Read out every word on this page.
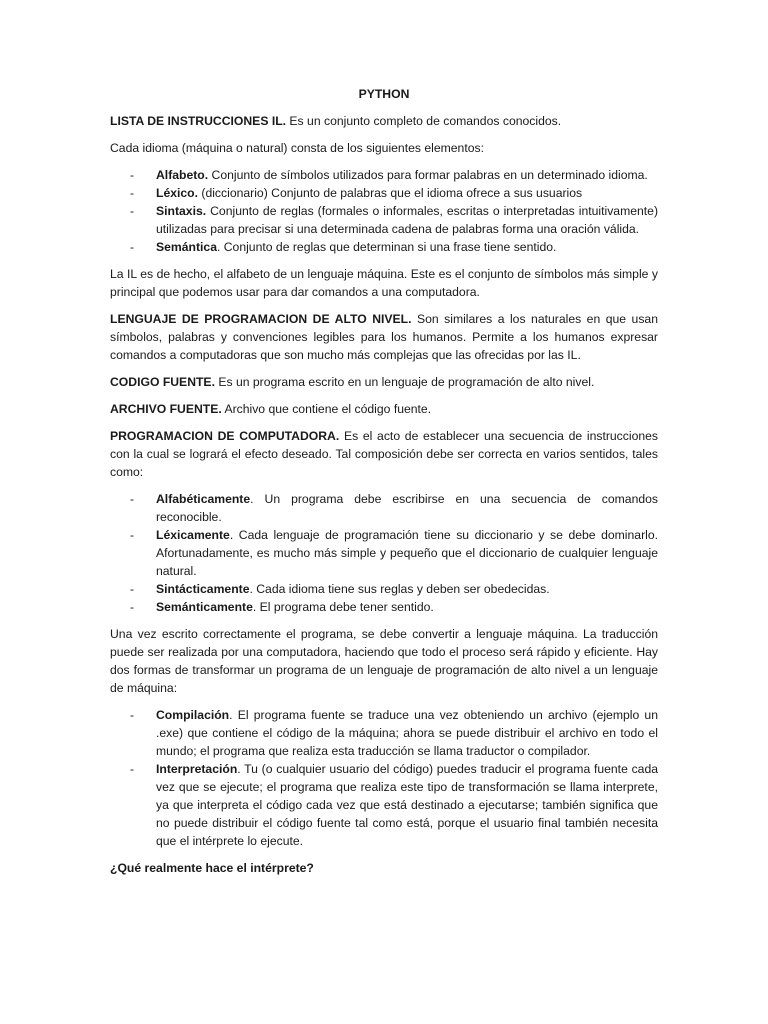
PYTHON

LISTA DE INSTRUCCIONES IL. Es un conjunto completo de comandos conocidos.

Cada idioma (máquina o natural) consta de los siguientes elementos:

- Alfabeto. Conjunto de símbolos utilizados para formar palabras en un determinado idioma.
- Léxico. (diccionario) Conjunto de palabras que el idioma ofrece a sus usuarios
- Sintaxis. Conjunto de reglas (formales o informales, escritas o interpretadas intuitivamente) utilizadas para precisar si una determinada cadena de palabras forma una oración válida.
- Semántica. Conjunto de reglas que determinan si una frase tiene sentido.

La IL es de hecho, el alfabeto de un lenguaje máquina. Este es el conjunto de símbolos más simple y principal que podemos usar para dar comandos a una computadora.

LENGUAJE DE PROGRAMACION DE ALTO NIVEL. Son similares a los naturales en que usan símbolos, palabras y convenciones legibles para los humanos. Permite a los humanos expresar comandos a computadoras que son mucho más complejas que las ofrecidas por las IL.

CODIGO FUENTE. Es un programa escrito en un lenguaje de programación de alto nivel.

ARCHIVO FUENTE. Archivo que contiene el código fuente.

PROGRAMACION DE COMPUTADORA. Es el acto de establecer una secuencia de instrucciones con la cual se logrará el efecto deseado. Tal composición debe ser correcta en varios sentidos, tales como:

- Alfabéticamente. Un programa debe escribirse en una secuencia de comandos reconocible.
- Léxicamente. Cada lenguaje de programación tiene su diccionario y se debe dominarlo. Afortunadamente, es mucho más simple y pequeño que el diccionario de cualquier lenguaje natural.
- Sintácticamente. Cada idioma tiene sus reglas y deben ser obedecidas.
- Semánticamente. El programa debe tener sentido.

Una vez escrito correctamente el programa, se debe convertir a lenguaje máquina. La traducción puede ser realizada por una computadora, haciendo que todo el proceso será rápido y eficiente. Hay dos formas de transformar un programa de un lenguaje de programación de alto nivel a un lenguaje de máquina:

- Compilación. El programa fuente se traduce una vez obteniendo un archivo (ejemplo un .exe) que contiene el código de la máquina; ahora se puede distribuir el archivo en todo el mundo; el programa que realiza esta traducción se llama traductor o compilador.
- Interpretación. Tu (o cualquier usuario del código) puedes traducir el programa fuente cada vez que se ejecute; el programa que realiza este tipo de transformación se llama interprete, ya que interpreta el código cada vez que está destinado a ejecutarse; también significa que no puede distribuir el código fuente tal como está, porque el usuario final también necesita que el intérprete lo ejecute.

¿Qué realmente hace el intérprete?
